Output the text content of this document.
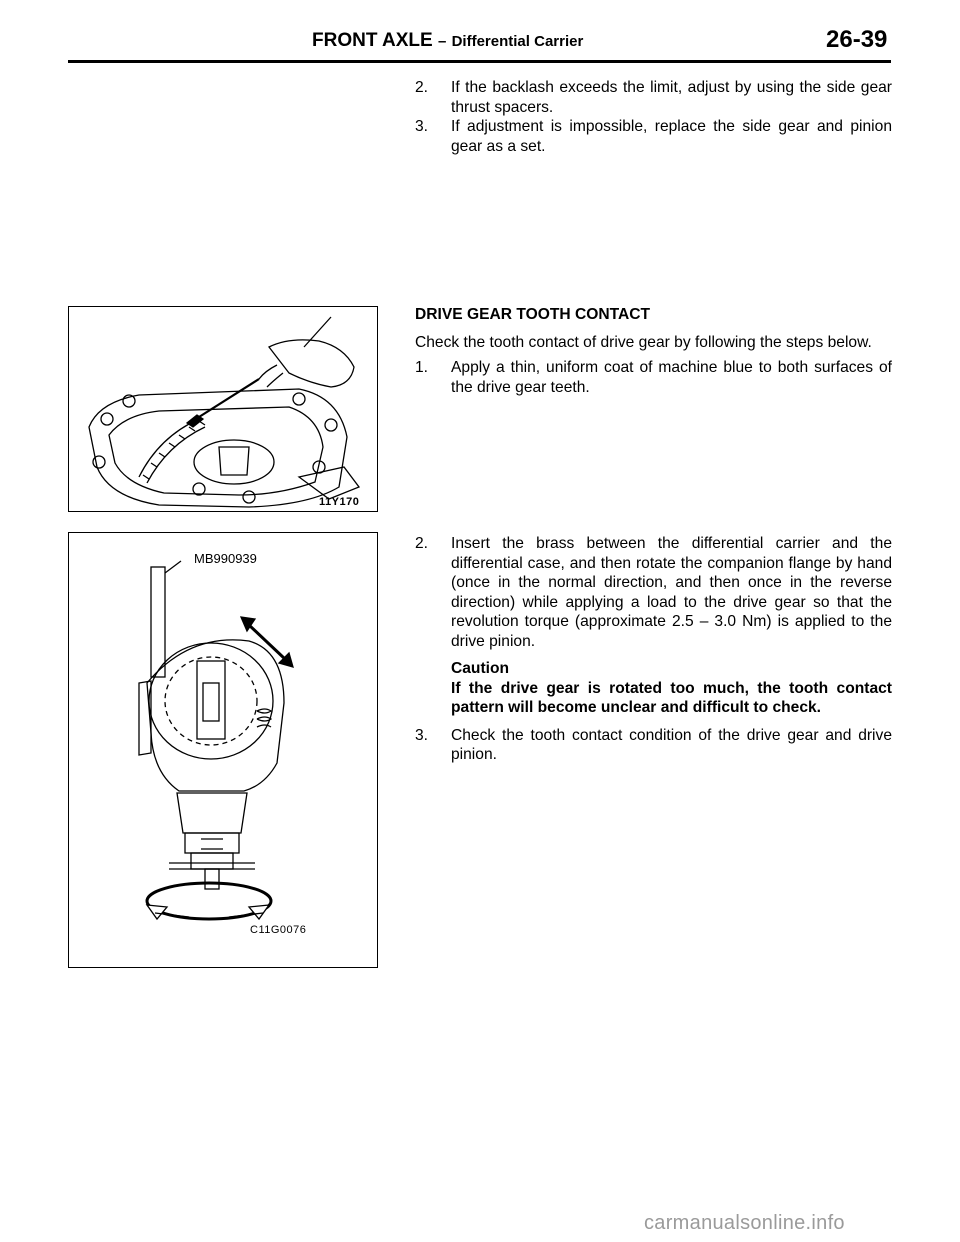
FRONT AXLE – Differential Carrier	26-39
2. If the backlash exceeds the limit, adjust by using the side gear thrust spacers.
3. If adjustment is impossible, replace the side gear and pinion gear as a set.
DRIVE GEAR TOOTH CONTACT
Check the tooth contact of drive gear by following the steps below.
1. Apply a thin, uniform coat of machine blue to both surfaces of the drive gear teeth.
2. Insert the brass between the differential carrier and the differential case, and then rotate the companion flange by hand (once in the normal direction, and then once in the reverse direction) while applying a load to the drive gear so that the revolution torque (approximate 2.5 – 3.0 Nm) is applied to the drive pinion.
Caution
If the drive gear is rotated too much, the tooth contact pattern will become unclear and difficult to check.
3. Check the tooth contact condition of the drive gear and drive pinion.
11Y170
MB990939
C11G0076
carmanualsonline.info
